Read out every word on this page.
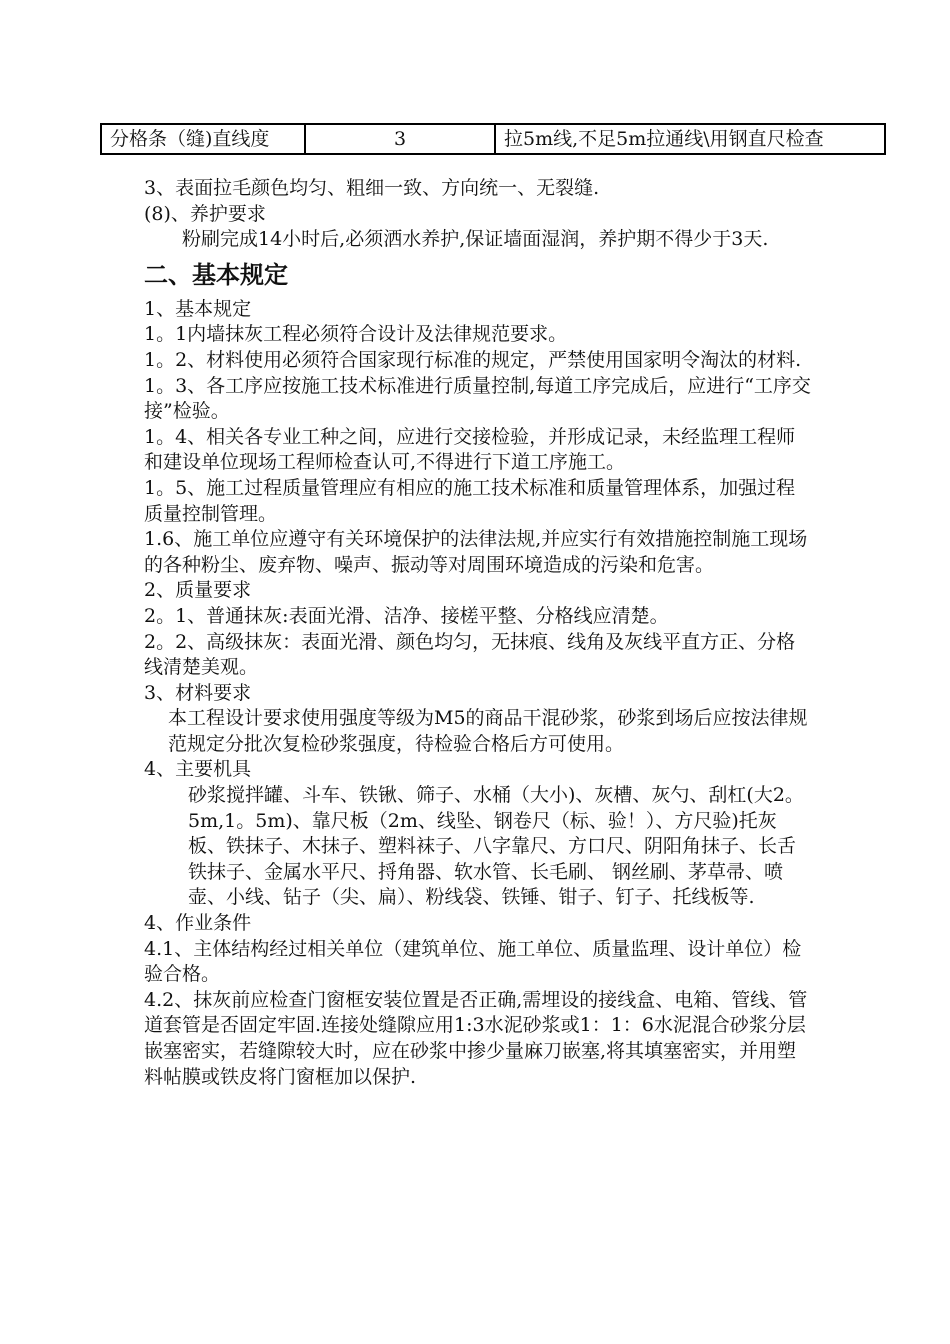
分格条（缝)直线度	3	拉5m线,不足5m拉通线\用钢直尺检查

3、表面拉毛颜色均匀、粗细一致、方向统一、无裂缝.

(8)、养护要求

粉刷完成14小时后,必须洒水养护,保证墙面湿润，养护期不得少于3天.

二、基本规定

1、基本规定

1。1内墙抹灰工程必须符合设计及法律规范要求。

1。2、材料使用必须符合国家现行标准的规定，严禁使用国家明令淘汰的材料.

1。3、各工序应按施工技术标准进行质量控制,每道工序完成后，应进行“工序交接”检验。

1。4、相关各专业工种之间，应进行交接检验，并形成记录，未经监理工程师和建设单位现场工程师检查认可,不得进行下道工序施工。

1。5、施工过程质量管理应有相应的施工技术标准和质量管理体系，加强过程质量控制管理。

1.6、施工单位应遵守有关环境保护的法律法规,并应实行有效措施控制施工现场的各种粉尘、废弃物、噪声、振动等对周围环境造成的污染和危害。

2、质量要求

2。1、普通抹灰:表面光滑、洁净、接槎平整、分格线应清楚。

2。2、高级抹灰：表面光滑、颜色均匀，无抹痕、线角及灰线平直方正、分格线清楚美观。

3、材料要求

本工程设计要求使用强度等级为M5的商品干混砂浆，砂浆到场后应按法律规范规定分批次复检砂浆强度，待检验合格后方可使用。

4、主要机具

砂浆搅拌罐、斗车、铁锹、筛子、水桶（大小)、灰槽、灰勺、刮杠(大2。5m,1。5m)、靠尺板（2m、线坠、钢卷尺（标、验！）、方尺验)托灰板、铁抹子、木抹子、塑料袜子、八字靠尺、方口尺、阴阳角抹子、长舌铁抹子、金属水平尺、捋角器、软水管、长毛刷、 钢丝刷、茅草帚、喷壶、小线、钻子（尖、扁）、粉线袋、铁锤、钳子、钉子、托线板等.

4、作业条件

4.1、主体结构经过相关单位（建筑单位、施工单位、质量监理、设计单位）检验合格。

4.2、抹灰前应检查门窗框安装位置是否正确,需埋设的接线盒、电箱、管线、管道套管是否固定牢固.连接处缝隙应用1:3水泥砂浆或1：1：6水泥混合砂浆分层嵌塞密实，若缝隙较大时，应在砂浆中掺少量麻刀嵌塞,将其填塞密实，并用塑料帖膜或铁皮将门窗框加以保护.
